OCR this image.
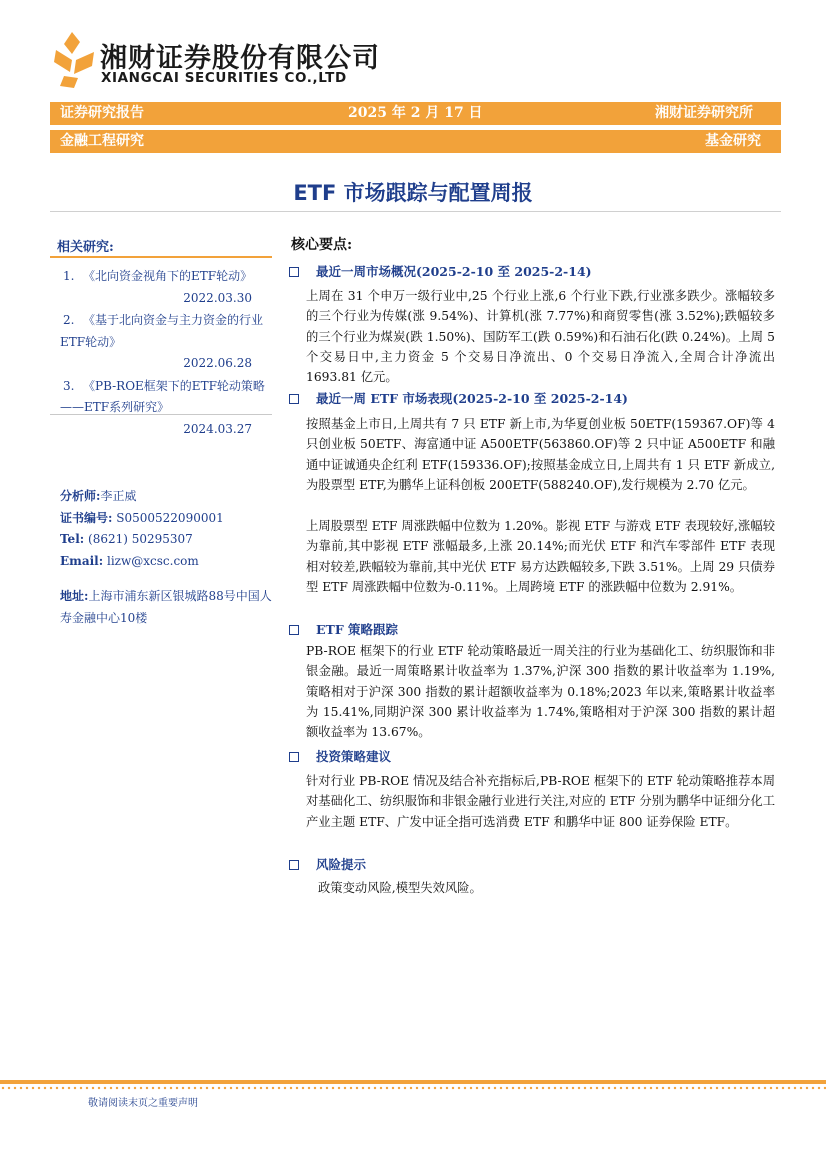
湘财证券股份有限公司
XIANGCAI SECURITIES CO.,LTD
证券研究报告	2025 年 2 月 17 日	湘财证券研究所
金融工程研究	基金研究
ETF 市场跟踪与配置周报
相关研究:
1. 《北向资金视角下的ETF轮动》
2022.03.30
2. 《基于北向资金与主力资金的行业ETF轮动》
2022.06.28
3. 《PB-ROE框架下的ETF轮动策略——ETF系列研究》
2024.03.27
分析师:李正威
证书编号: S0500522090001
Tel: (8621) 50295307
Email: lizw@xcsc.com
地址:上海市浦东新区银城路88号中国人寿金融中心10楼
核心要点:
最近一周市场概况(2025-2-10 至 2025-2-14)
上周在 31 个申万一级行业中,25 个行业上涨,6 个行业下跌,行业涨多跌少。涨幅较多的三个行业为传媒(涨 9.54%)、计算机(涨 7.77%)和商贸零售(涨 3.52%);跌幅较多的三个行业为煤炭(跌 1.50%)、国防军工(跌 0.59%)和石油石化(跌 0.24%)。上周 5 个交易日中,主力资金 5 个交易日净流出、0 个交易日净流入,全周合计净流出 1693.81 亿元。
最近一周 ETF 市场表现(2025-2-10 至 2025-2-14)
按照基金上市日,上周共有 7 只 ETF 新上市,为华夏创业板 50ETF(159367.OF)等 4 只创业板 50ETF、海富通中证 A500ETF(563860.OF)等 2 只中证 A500ETF 和融通中证诚通央企红利 ETF(159336.OF);按照基金成立日,上周共有 1 只 ETF 新成立,为股票型 ETF,为鹏华上证科创板 200ETF(588240.OF),发行规模为 2.70 亿元。
上周股票型 ETF 周涨跌幅中位数为 1.20%。影视 ETF 与游戏 ETF 表现较好,涨幅较为靠前,其中影视 ETF 涨幅最多,上涨 20.14%;而光伏 ETF 和汽车零部件 ETF 表现相对较差,跌幅较为靠前,其中光伏 ETF 易方达跌幅较多,下跌 3.51%。上周 29 只债券型 ETF 周涨跌幅中位数为-0.11%。上周跨境 ETF 的涨跌幅中位数为 2.91%。
ETF 策略跟踪
PB-ROE 框架下的行业 ETF 轮动策略最近一周关注的行业为基础化工、纺织服饰和非银金融。最近一周策略累计收益率为 1.37%,沪深 300 指数的累计收益率为 1.19%,策略相对于沪深 300 指数的累计超额收益率为 0.18%;2023 年以来,策略累计收益率为 15.41%,同期沪深 300 累计收益率为 1.74%,策略相对于沪深 300 指数的累计超额收益率为 13.67%。
投资策略建议
针对行业 PB-ROE 情况及结合补充指标后,PB-ROE 框架下的 ETF 轮动策略推荐本周对基础化工、纺织服饰和非银金融行业进行关注,对应的 ETF 分别为鹏华中证细分化工产业主题 ETF、广发中证全指可选消费 ETF 和鹏华中证 800 证券保险 ETF。
风险提示
政策变动风险,模型失效风险。
敬请阅读末页之重要声明
